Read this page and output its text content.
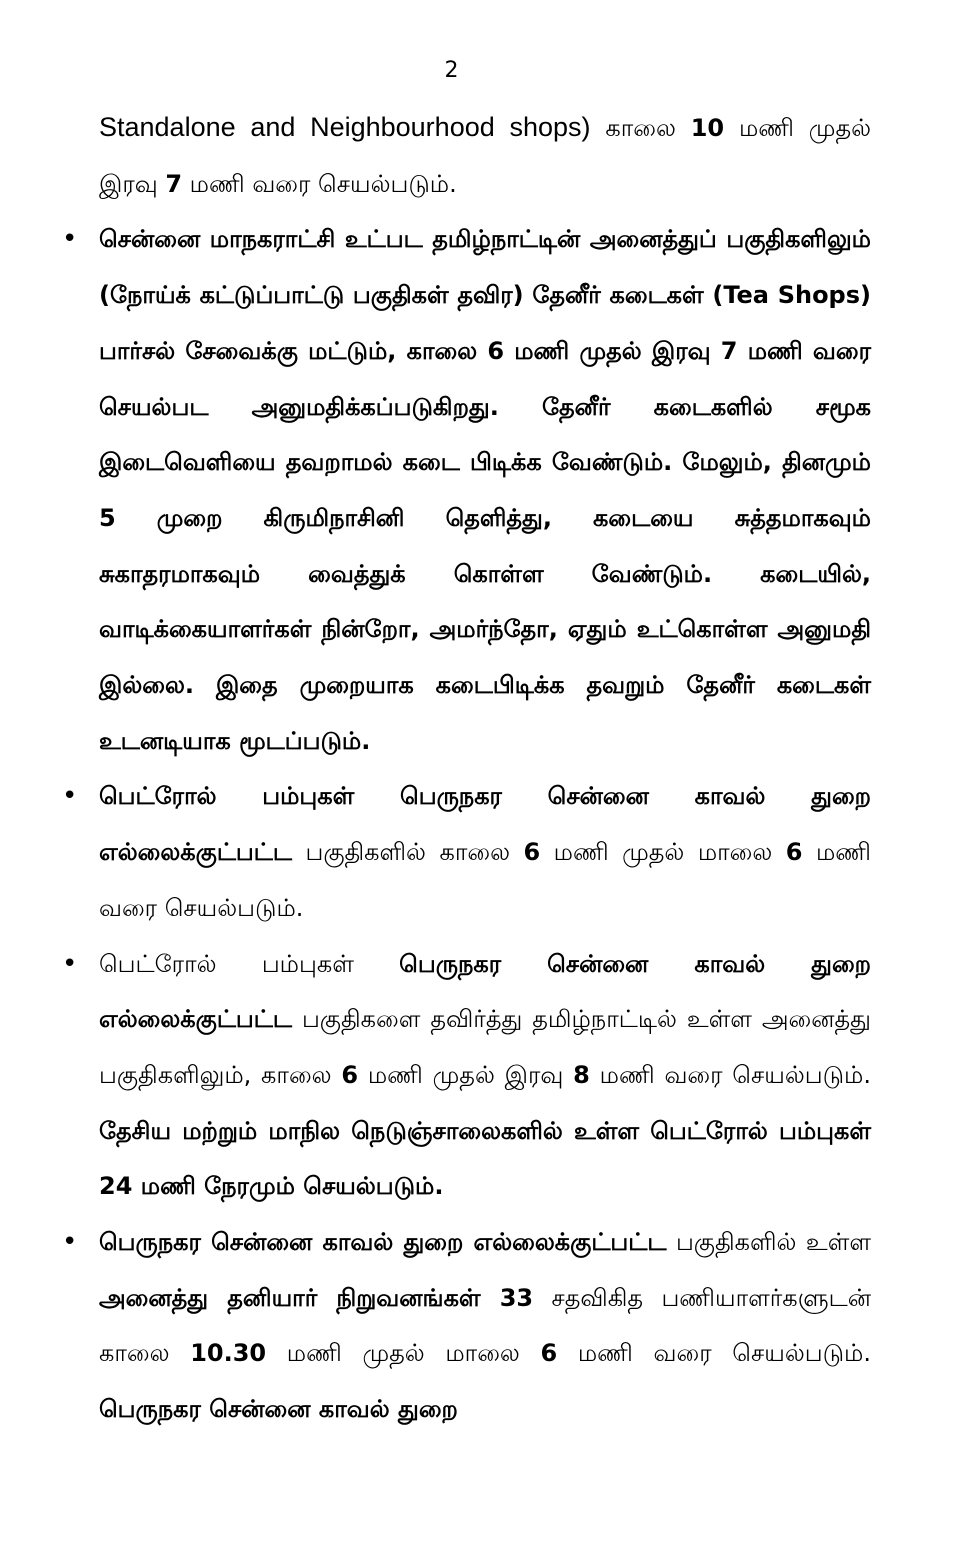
2

Standalone and Neighbourhood shops) காலை 10 மணி முதல் இரவு 7 மணி வரை செயல்படும்.

• சென்னை மாநகராட்சி உட்பட தமிழ்நாட்டின் அனைத்துப் பகுதிகளிலும் (நோய்க் கட்டுப்பாட்டு பகுதிகள் தவிர) தேனீர் கடைகள் (Tea Shops) பார்சல் சேவைக்கு மட்டும், காலை 6 மணி முதல் இரவு 7 மணி வரை செயல்பட அனுமதிக்கப்படுகிறது. தேனீர் கடைகளில் சமூக இடைவெளியை தவறாமல் கடை பிடிக்க வேண்டும். மேலும், தினமும் 5 முறை கிருமிநாசினி தெளித்து, கடையை சுத்தமாகவும் சுகாதரமாகவும் வைத்துக் கொள்ள வேண்டும். கடையில், வாடிக்கையாளர்கள் நின்றோ, அமர்ந்தோ, ஏதும் உட்கொள்ள அனுமதி இல்லை. இதை முறையாக கடைபிடிக்க தவறும் தேனீர் கடைகள் உடனடியாக மூடப்படும்.

• பெட்ரோல் பம்புகள் பெருநகர சென்னை காவல் துறை எல்லைக்குட்பட்ட பகுதிகளில் காலை 6 மணி முதல் மாலை 6 மணி வரை செயல்படும்.

• பெட்ரோல் பம்புகள் பெருநகர சென்னை காவல் துறை எல்லைக்குட்பட்ட பகுதிகளை தவிர்த்து தமிழ்நாட்டில் உள்ள அனைத்து பகுதிகளிலும், காலை 6 மணி முதல் இரவு 8 மணி வரை செயல்படும். தேசிய மற்றும் மாநில நெடுஞ்சாலைகளில் உள்ள பெட்ரோல் பம்புகள் 24 மணி நேரமும் செயல்படும்.

• பெருநகர சென்னை காவல் துறை எல்லைக்குட்பட்ட பகுதிகளில் உள்ள அனைத்து தனியார் நிறுவனங்கள் 33 சதவிகித பணியாளர்களுடன் காலை 10.30 மணி முதல் மாலை 6 மணி வரை செயல்படும். பெருநகர சென்னை காவல் துறை
